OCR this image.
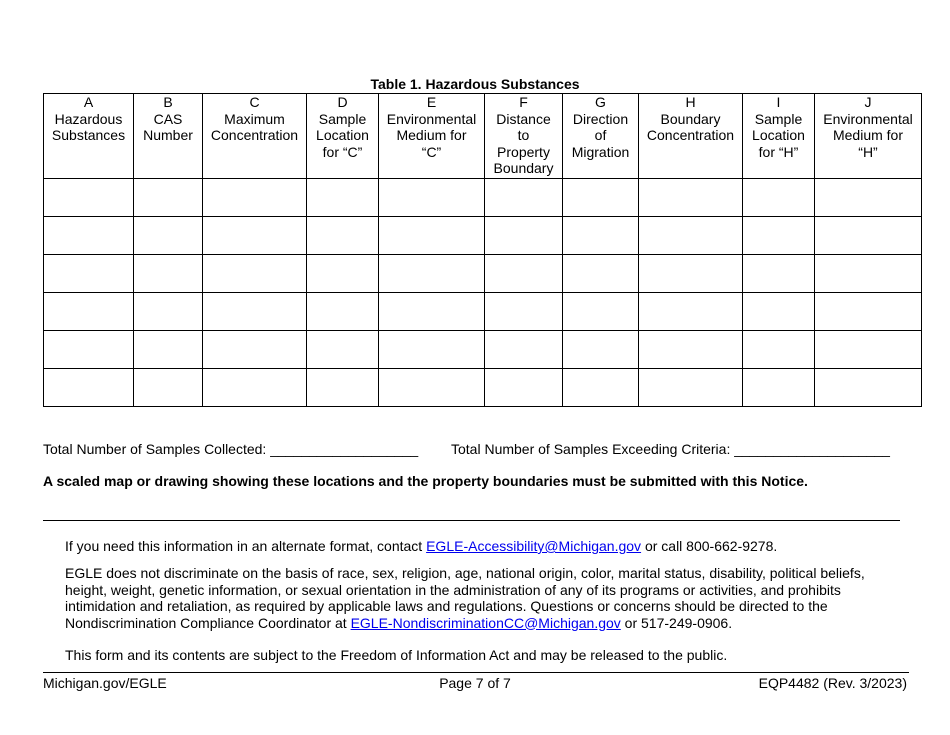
Table 1. Hazardous Substances
A
Hazardous
Substances	B
CAS
Number	C
Maximum
Concentration	D
Sample
Location
for “C”	E
Environmental
Medium for
“C”	F
Distance
to
Property
Boundary	G
Direction
of
Migration	H
Boundary
Concentration	I
Sample
Location
for “H”	J
Environmental
Medium for
“H”

Total Number of Samples Collected: ___________________ Total Number of Samples Exceeding Criteria: ____________________
A scaled map or drawing showing these locations and the property boundaries must be submitted with this Notice.
If you need this information in an alternate format, contact EGLE-Accessibility@Michigan.gov or call 800-662-9278.
EGLE does not discriminate on the basis of race, sex, religion, age, national origin, color, marital status, disability, political beliefs,
height, weight, genetic information, or sexual orientation in the administration of any of its programs or activities, and prohibits
intimidation and retaliation, as required by applicable laws and regulations. Questions or concerns should be directed to the
Nondiscrimination Compliance Coordinator at EGLE-NondiscriminationCC@Michigan.gov or 517-249-0906.
This form and its contents are subject to the Freedom of Information Act and may be released to the public.
Michigan.gov/EGLE	Page 7 of 7	EQP4482 (Rev. 3/2023)
